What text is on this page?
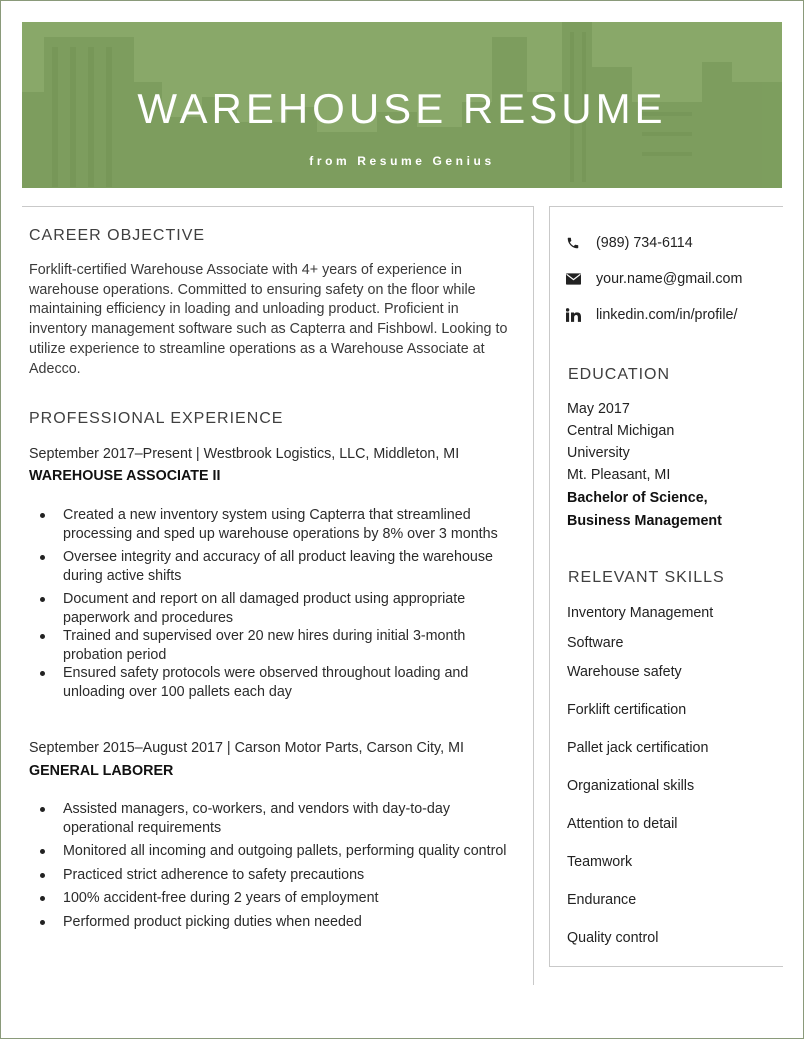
WAREHOUSE RESUME
from Resume Genius
CAREER OBJECTIVE
Forklift-certified Warehouse Associate with 4+ years of experience in warehouse operations. Committed to ensuring safety on the floor while maintaining efficiency in loading and unloading product. Proficient in inventory management software such as Capterra and Fishbowl. Looking to utilize experience to streamline operations as a Warehouse Associate at Adecco.
PROFESSIONAL EXPERIENCE
September 2017–Present | Westbrook Logistics, LLC, Middleton, MI
WAREHOUSE ASSOCIATE II
Created a new inventory system using Capterra that streamlined processing and sped up warehouse operations by 8% over 3 months
Oversee integrity and accuracy of all product leaving the warehouse during active shifts
Document and report on all damaged product using appropriate paperwork and procedures
Trained and supervised over 20 new hires during initial 3-month probation period
Ensured safety protocols were observed throughout loading and unloading over 100 pallets each day
September 2015–August 2017 | Carson Motor Parts, Carson City, MI
GENERAL LABORER
Assisted managers, co-workers, and vendors with day-to-day operational requirements
Monitored all incoming and outgoing pallets, performing quality control
Practiced strict adherence to safety precautions
100% accident-free during 2 years of employment
Performed product picking duties when needed
(989) 734-6114
your.name@gmail.com
linkedin.com/in/profile/
EDUCATION
May 2017
Central Michigan
University
Mt. Pleasant, MI
Bachelor of Science,
Business Management
RELEVANT SKILLS
Inventory Management
Software
Warehouse safety
Forklift certification
Pallet jack certification
Organizational skills
Attention to detail
Teamwork
Endurance
Quality control
